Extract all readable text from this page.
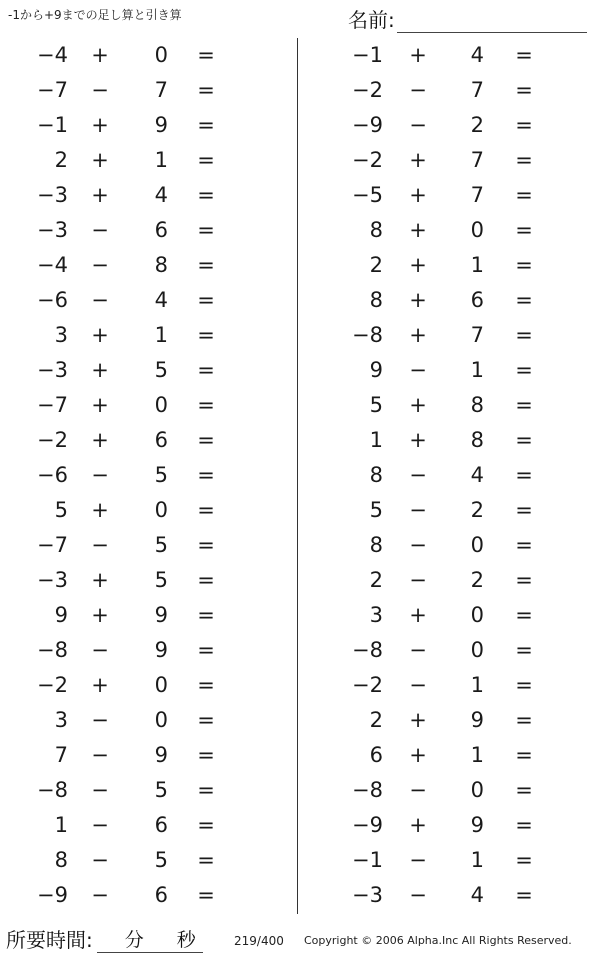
-1から+9までの足し算と引き算	名前:
−4 +	0 =
−7 −	7 =
−1 +	9 =
2 +	1 =
−3 +	4 =
−3 −	6 =
−4 −	8 =
−6 −	4 =
3 +	1 =
−3 +	5 =
−7 +	0 =
−2 +	6 =
−6 −	5 =
5 +	0 =
−7 −	5 =
−3 +	5 =
9 +	9 =
−8 −	9 =
−2 +	0 =
3 −	0 =
7 −	9 =
−8 −	5 =
1 −	6 =
8 −	5 =
−9 −	6 =
−1 +	4 =
−2 −	7 =
−9 −	2 =
−2 +	7 =
−5 +	7 =
8 +	0 =
2 +	1 =
8 +	6 =
−8 +	7 =
9 −	1 =
5 +	8 =
1 +	8 =
8 −	4 =
5 −	2 =
8 −	0 =
2 −	2 =
3 +	0 =
−8 −	0 =
−2 −	1 =
2 +	9 =
6 +	1 =
−8 −	0 =
−9 +	9 =
−1 −	1 =
−3 −	4 =
所要時間: 分 秒	219/400 Copyright © 2006 Alpha.Inc All Rights Reserved.
